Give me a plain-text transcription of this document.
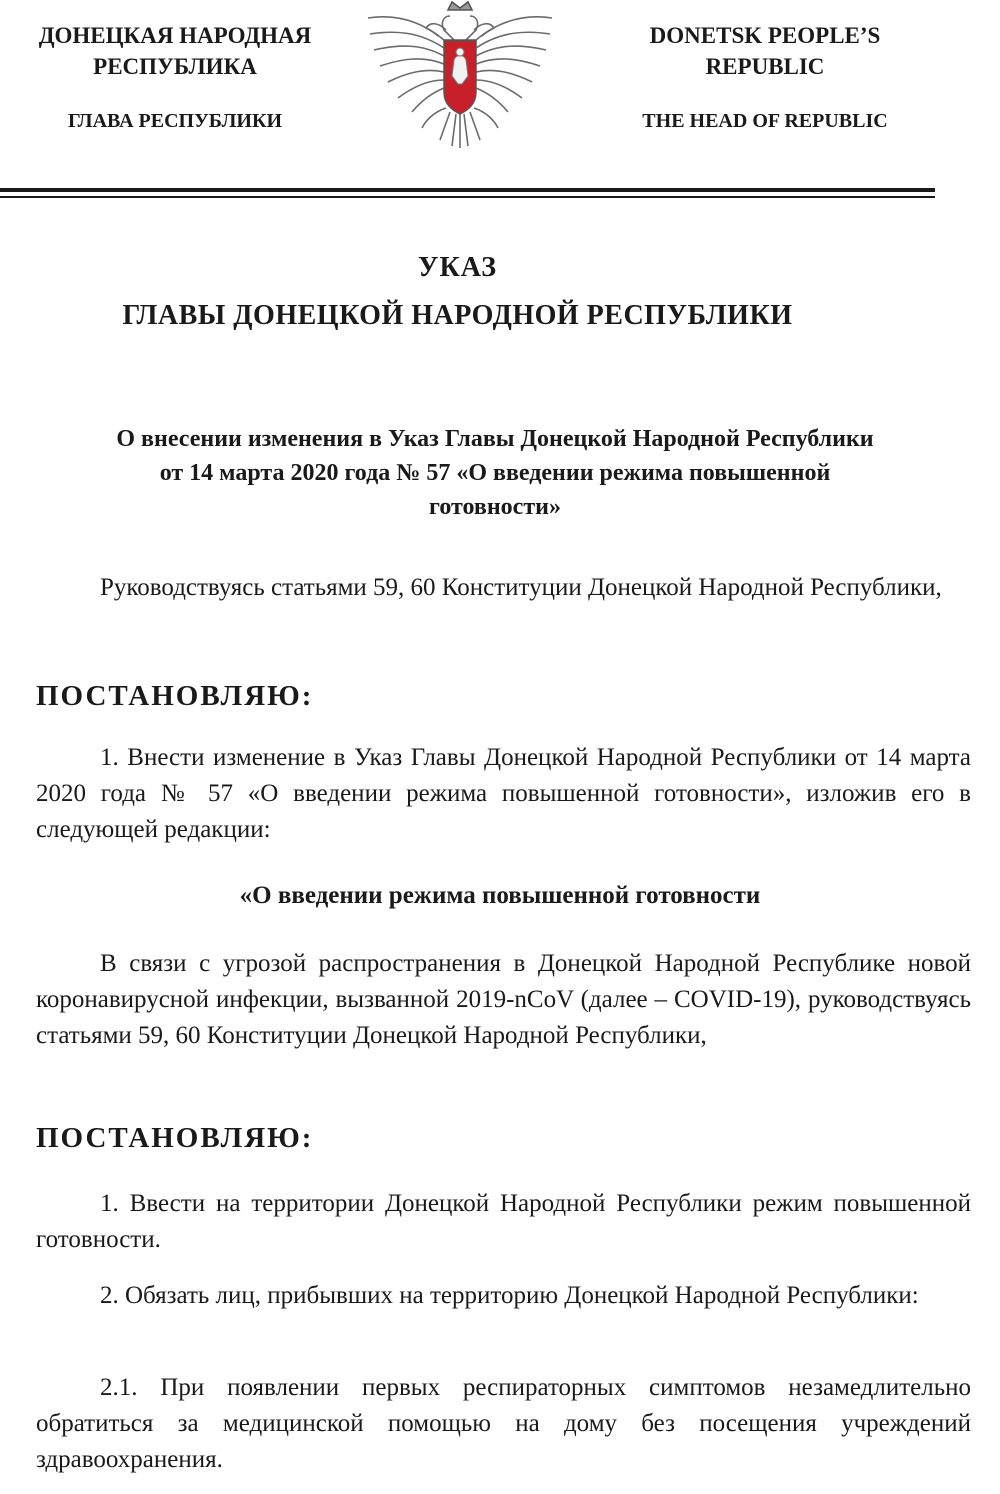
ДОНЕЦКАЯ НАРОДНАЯ
РЕСПУБЛИКА
ГЛАВА РЕСПУБЛИКИ
DONETSK PEOPLE’S
REPUBLIC
THE HEAD OF REPUBLIC
УКАЗ
ГЛАВЫ ДОНЕЦКОЙ НАРОДНОЙ РЕСПУБЛИКИ
О внесении изменения в Указ Главы Донецкой Народной Республики
от 14 марта 2020 года № 57 «О введении режима повышенной
готовности»
Руководствуясь статьями 59, 60 Конституции Донецкой Народной Республики,
ПОСТАНОВЛЯЮ:
1. Внести изменение в Указ Главы Донецкой Народной Республики от 14 марта 2020 года № 57 «О введении режима повышенной готовности», изложив его в следующей редакции:
«О введении режима повышенной готовности
В связи с угрозой распространения в Донецкой Народной Республике новой коронавирусной инфекции, вызванной 2019-nCoV (далее – COVID-19), руководствуясь статьями 59, 60 Конституции Донецкой Народной Республики,
ПОСТАНОВЛЯЮ:
1. Ввести на территории Донецкой Народной Республики режим повышенной готовности.
2. Обязать лиц, прибывших на территорию Донецкой Народной Республики:
2.1. При появлении первых респираторных симптомов незамедлительно обратиться за медицинской помощью на дому без посещения учреждений здравоохранения.
